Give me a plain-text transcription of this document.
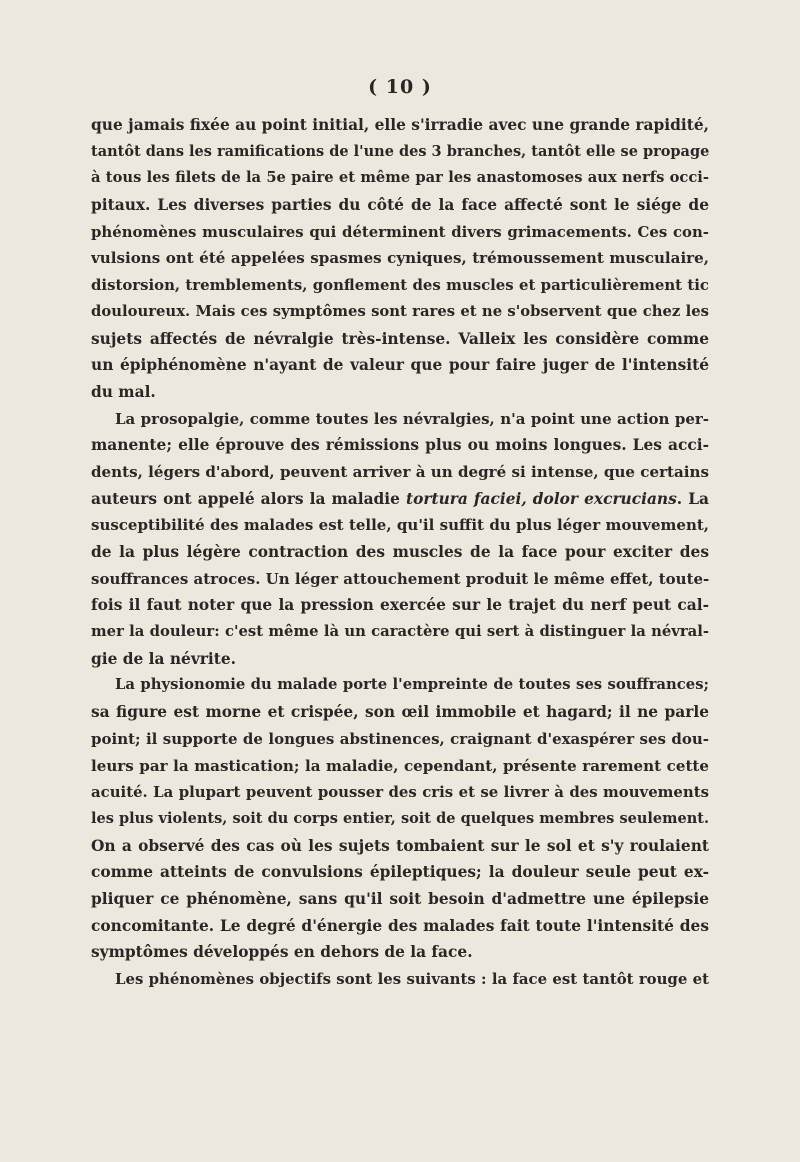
( 10 )
que jamais fixée au point initial, elle s'irradie avec une grande rapidité,
tantôt dans les ramifications de l'une des 3 branches, tantôt elle se propage
à tous les filets de la 5e paire et même par les anastomoses aux nerfs occi-
pitaux. Les diverses parties du côté de la face affecté sont le siége de
phénomènes musculaires qui déterminent divers grimacements. Ces con-
vulsions ont été appelées spasmes cyniques, trémoussement musculaire,
distorsion, tremblements, gonflement des muscles et particulièrement tic
douloureux. Mais ces symptômes sont rares et ne s'observent que chez les
sujets affectés de névralgie très-intense. Valleix les considère comme
un épiphénomène n'ayant de valeur que pour faire juger de l'intensité
du mal.
La prosopalgie, comme toutes les névralgies, n'a point une action per-
manente; elle éprouve des rémissions plus ou moins longues. Les acci-
dents, légers d'abord, peuvent arriver à un degré si intense, que certains
auteurs ont appelé alors la maladie tortura faciei, dolor excrucians. La
susceptibilité des malades est telle, qu'il suffit du plus léger mouvement,
de la plus légère contraction des muscles de la face pour exciter des
souffrances atroces. Un léger attouchement produit le même effet, toute-
fois il faut noter que la pression exercée sur le trajet du nerf peut cal-
mer la douleur: c'est même là un caractère qui sert à distinguer la névral-
gie de la névrite.
La physionomie du malade porte l'empreinte de toutes ses souffrances;
sa figure est morne et crispée, son œil immobile et hagard; il ne parle
point; il supporte de longues abstinences, craignant d'exaspérer ses dou-
leurs par la mastication; la maladie, cependant, présente rarement cette
acuité. La plupart peuvent pousser des cris et se livrer à des mouvements
les plus violents, soit du corps entier, soit de quelques membres seulement.
On a observé des cas où les sujets tombaient sur le sol et s'y roulaient
comme atteints de convulsions épileptiques; la douleur seule peut ex-
pliquer ce phénomène, sans qu'il soit besoin d'admettre une épilepsie
concomitante. Le degré d'énergie des malades fait toute l'intensité des
symptômes développés en dehors de la face.
Les phénomènes objectifs sont les suivants : la face est tantôt rouge et
